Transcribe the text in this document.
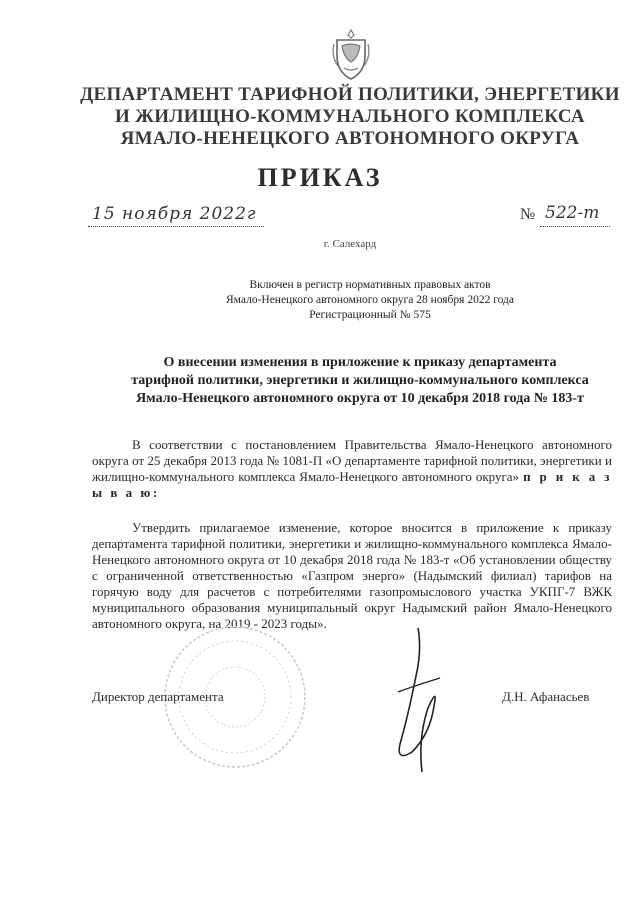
ДЕПАРТАМЕНТ ТАРИФНОЙ ПОЛИТИКИ, ЭНЕРГЕТИКИ
И ЖИЛИЩНО-КОММУНАЛЬНОГО КОМПЛЕКСА
ЯМАЛО-НЕНЕЦКОГО АВТОНОМНОГО ОКРУГА
ПРИКАЗ
15 ноября 2022г	№ 522-т
г. Салехард
Включен в регистр нормативных правовых актов
Ямало-Ненецкого автономного округа 28 ноября 2022 года
Регистрационный № 575
О внесении изменения в приложение к приказу департамента
тарифной политики, энергетики и жилищно-коммунального комплекса
Ямало-Ненецкого автономного округа от 10 декабря 2018 года № 183-т
В соответствии с постановлением Правительства Ямало-Ненецкого автономного округа от 25 декабря 2013 года № 1081-П «О департаменте тарифной политики, энергетики и жилищно-коммунального комплекса Ямало-Ненецкого автономного округа» п р и к а з ы в а ю:
Утвердить прилагаемое изменение, которое вносится в приложение к приказу департамента тарифной политики, энергетики и жилищно-коммунального комплекса Ямало-Ненецкого автономного округа от 10 декабря 2018 года № 183-т «Об установлении обществу с ограниченной ответственностью «Газпром энерго» (Надымский филиал) тарифов на горячую воду для расчетов с потребителями газопромыслового участка УКПГ-7 ВЖК муниципального образования муниципальный округ Надымский район Ямало-Ненецкого автономного округа, на 2019 - 2023 годы».
Директор департамента	Д.Н. Афанасьев
